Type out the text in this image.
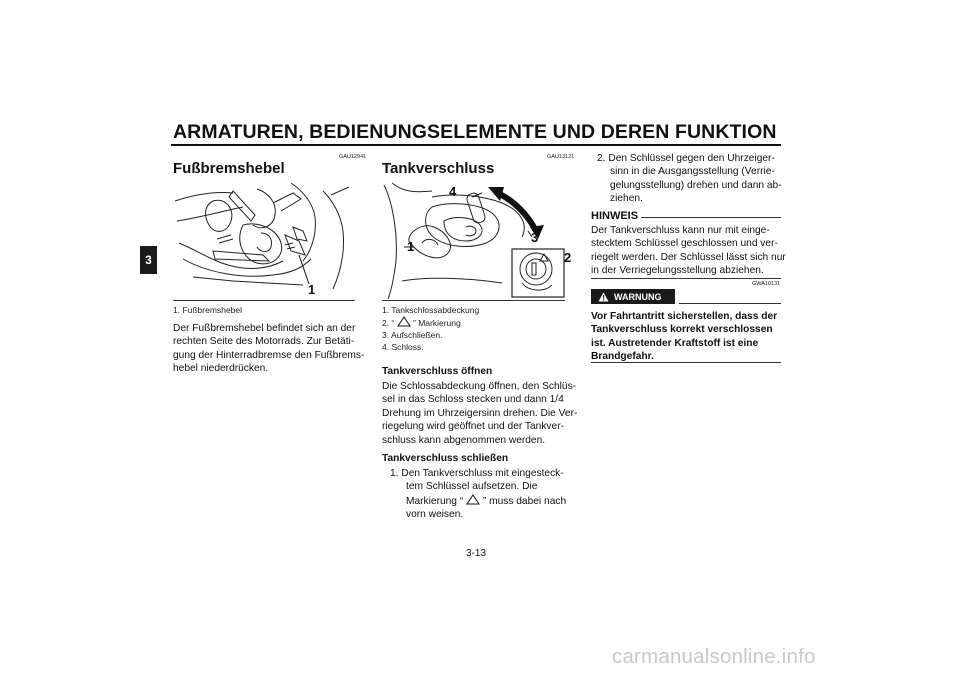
ARMATUREN, BEDIENUNGSELEMENTE UND DEREN FUNKTION
3
GAU12941
Fußbremshebel
1
1. Fußbremshebel
Der Fußbremshebel befindet sich an der
rechten Seite des Motorrads. Zur Betäti-
gung der Hinterradbremse den Fußbrems-
hebel niederdrücken.
GAU13121
Tankverschluss
4
3
1
2
1. Tankschlossabdeckung
2. “ ” Markierung
3. Aufschließen.
4. Schloss.
Tankverschluss öffnen
Die Schlossabdeckung öffnen, den Schlüs-
sel in das Schloss stecken und dann 1/4
Drehung im Uhrzeigersinn drehen. Die Ver-
riegelung wird geöffnet und der Tankver-
schluss kann abgenommen werden.
Tankverschluss schließen
1. Den Tankverschluss mit eingesteck-
tem Schlüssel aufsetzen. Die
Markierung “ ” muss dabei nach
vorn weisen.
2. Den Schlüssel gegen den Uhrzeiger-
sinn in die Ausgangsstellung (Verrie-
gelungsstellung) drehen und dann ab-
ziehen.
HINWEIS
Der Tankverschluss kann nur mit einge-
stecktem Schlüssel geschlossen und ver-
riegelt werden. Der Schlüssel lässt sich nur
in der Verriegelungsstellung abziehen.
GWA10131
WARNUNG
Vor Fahrtantritt sicherstellen, dass der
Tankverschluss korrekt verschlossen
ist. Austretender Kraftstoff ist eine
Brandgefahr.
3-13
carmanualsonline.info
